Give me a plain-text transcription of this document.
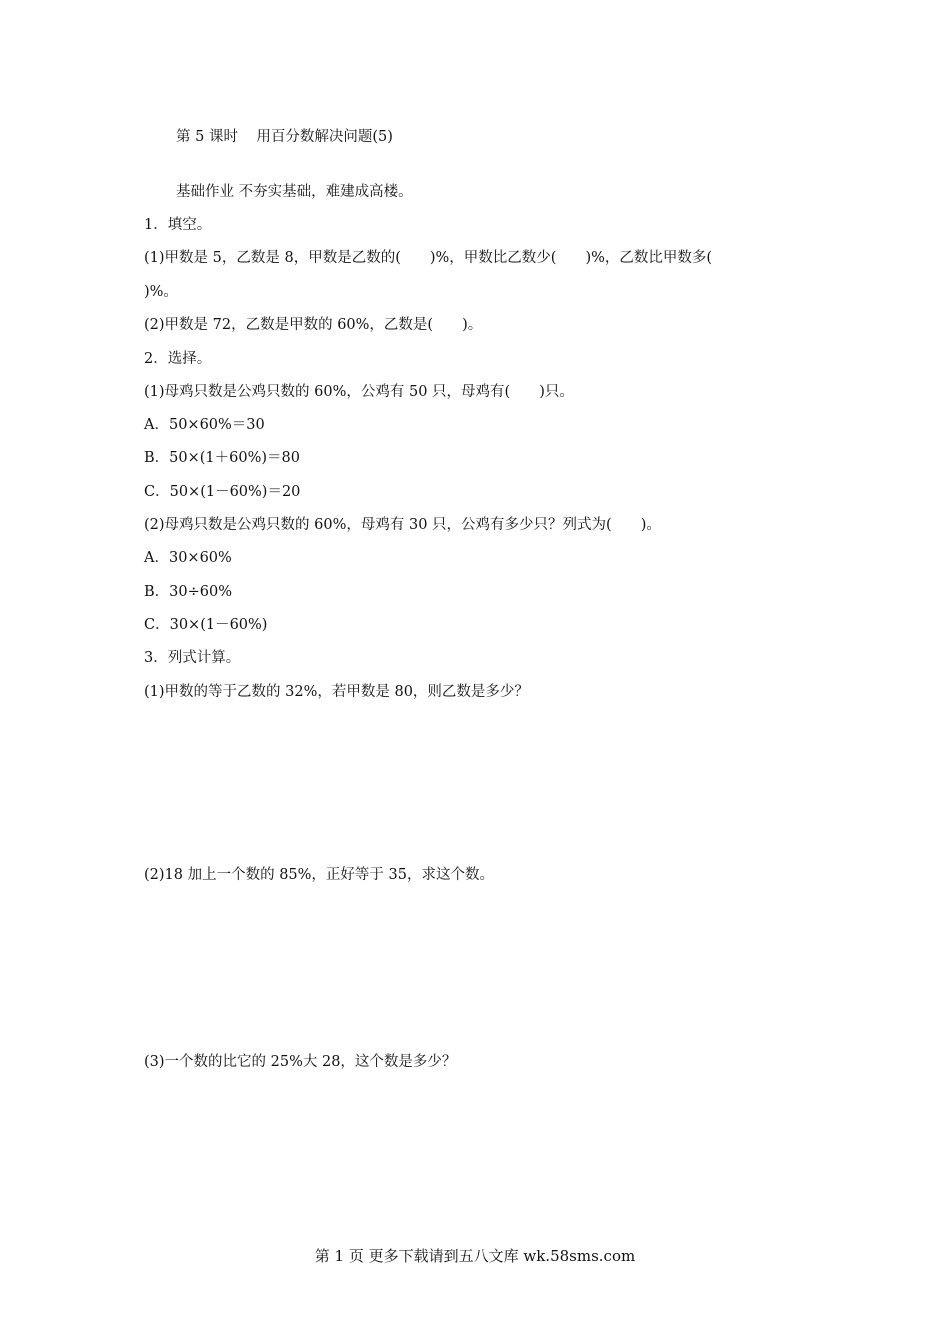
第 5 课时 用百分数解决问题(5)
基础作业 不夯实基础，难建成高楼。
1．填空。
(1)甲数是 5，乙数是 8，甲数是乙数的(　　)%，甲数比乙数少(　　)%，乙数比甲数多(
)%。
(2)甲数是 72，乙数是甲数的 60%，乙数是(　　)。
2．选择。
(1)母鸡只数是公鸡只数的 60%，公鸡有 50 只，母鸡有(　　)只。
A．50×60%＝30
B．50×(1＋60%)＝80
C．50×(1－60%)＝20
(2)母鸡只数是公鸡只数的 60%，母鸡有 30 只，公鸡有多少只？列式为(　　)。
A．30×60%
B．30÷60%
C．30×(1－60%)
3．列式计算。
(1)甲数的等于乙数的 32%，若甲数是 80，则乙数是多少？
(2)18 加上一个数的 85%，正好等于 35，求这个数。
(3)一个数的比它的 25%大 28，这个数是多少？
第 1 页 更多下载请到五八文库 wk.58sms.com
